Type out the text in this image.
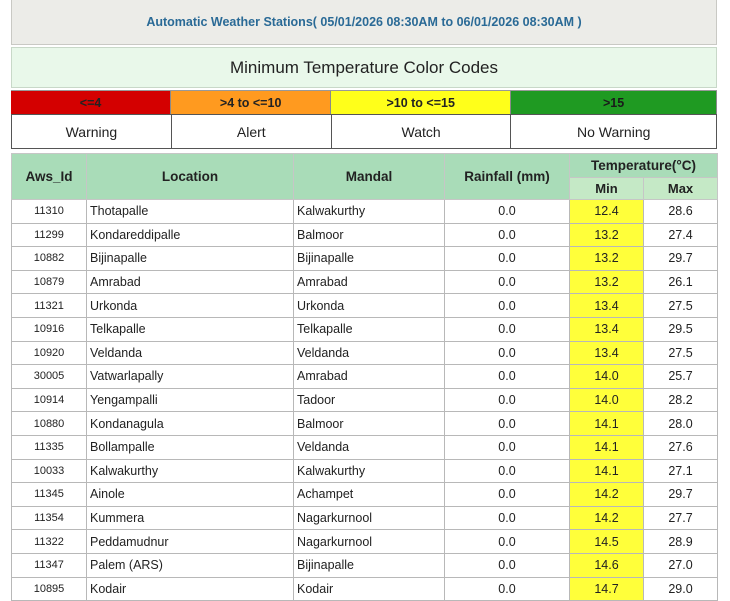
Automatic Weather Stations( 05/01/2026 08:30AM to 06/01/2026 08:30AM )
Minimum Temperature Color Codes
<=4	>4 to <=10	>10 to <=15	>15
Warning	Alert	Watch	No Warning
Aws_Id	Location	Mandal	Rainfall (mm)	Temperature(°C)	
				Min	Max
11310	Thotapalle	Kalwakurthy	0.0	12.4	28.6
11299	Kondareddipalle	Balmoor	0.0	13.2	27.4
10882	Bijinapalle	Bijinapalle	0.0	13.2	29.7
10879	Amrabad	Amrabad	0.0	13.2	26.1
11321	Urkonda	Urkonda	0.0	13.4	27.5
10916	Telkapalle	Telkapalle	0.0	13.4	29.5
10920	Veldanda	Veldanda	0.0	13.4	27.5
30005	Vatwarlapally	Amrabad	0.0	14.0	25.7
10914	Yengampalli	Tadoor	0.0	14.0	28.2
10880	Kondanagula	Balmoor	0.0	14.1	28.0
11335	Bollampalle	Veldanda	0.0	14.1	27.6
10033	Kalwakurthy	Kalwakurthy	0.0	14.1	27.1
11345	Ainole	Achampet	0.0	14.2	29.7
11354	Kummera	Nagarkurnool	0.0	14.2	27.7
11322	Peddamudnur	Nagarkurnool	0.0	14.5	28.9
11347	Palem (ARS)	Bijinapalle	0.0	14.6	27.0
10895	Kodair	Kodair	0.0	14.7	29.0
